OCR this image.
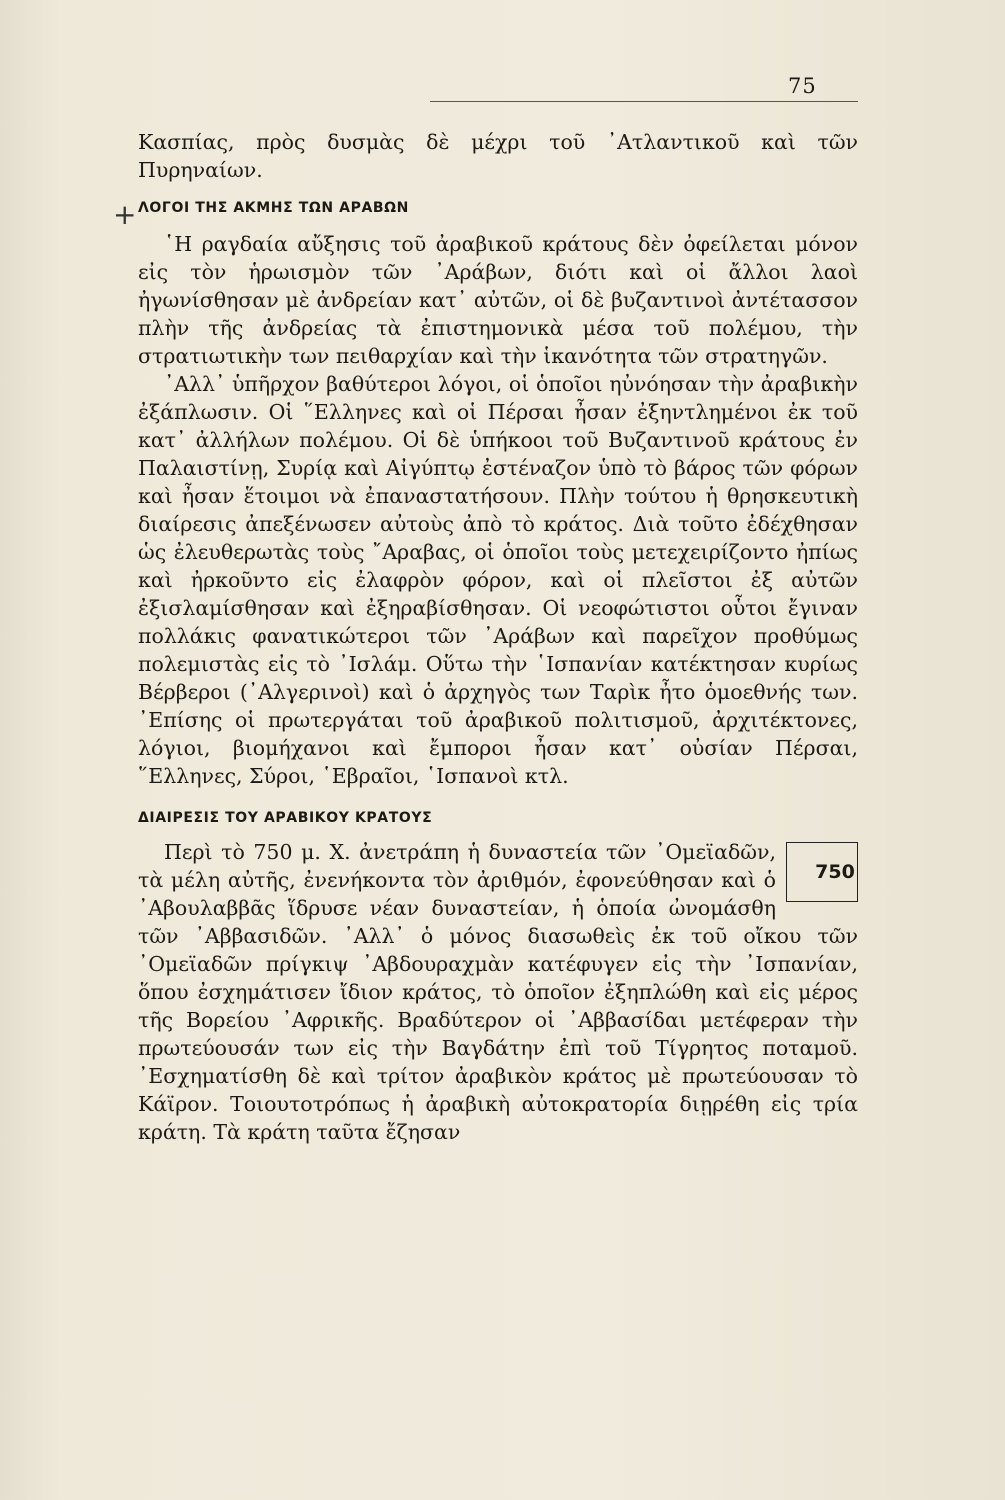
75
+

Κασπίας, πρὸς δυσμὰς δὲ μέχρι τοῦ ᾿Ατλαντικοῦ καὶ τῶν Πυρηναίων.

ΛΟΓΟΙ ΤΗΣ ΑΚΜΗΣ ΤΩΝ ΑΡΑΒΩΝ

῾Η ραγδαία αὔξησις τοῦ ἀραβικοῦ κράτους δὲν ὀφείλεται μόνον εἰς τὸν ἡρωισμὸν τῶν ᾿Αράβων, διότι καὶ οἱ ἄλλοι λαοὶ ἠγωνίσθησαν μὲ ἀνδρείαν κατ᾿ αὐτῶν, οἱ δὲ βυζαντινοὶ ἀντέτασσον πλὴν τῆς ἀνδρείας τὰ ἐπιστημονικὰ μέσα τοῦ πολέμου, τὴν στρατιωτικὴν των πειθαρχίαν καὶ τὴν ἱκανότητα τῶν στρατηγῶν.

᾿Αλλ᾿ ὑπῆρχον βαθύτεροι λόγοι, οἱ ὁποῖοι ηὐνόησαν τὴν ἀραβικὴν ἐξάπλωσιν. Οἱ ῞Ελληνες καὶ οἱ Πέρσαι ἦσαν ἐξηντλημένοι ἐκ τοῦ κατ᾿ ἀλλήλων πολέμου. Οἱ δὲ ὑπήκοοι τοῦ Βυζαντινοῦ κράτους ἐν Παλαιστίνῃ, Συρίᾳ καὶ Αἰγύπτῳ ἐστέναζον ὑπὸ τὸ βάρος τῶν φόρων καὶ ἦσαν ἕτοιμοι νὰ ἐπαναστατήσουν. Πλὴν τούτου ἡ θρησκευτικὴ διαίρεσις ἀπεξένωσεν αὐτοὺς ἀπὸ τὸ κράτος. Διὰ τοῦτο ἐδέχθησαν ὡς ἐλευθερωτὰς τοὺς ῎Αραβας, οἱ ὁποῖοι τοὺς μετεχειρίζοντο ἠπίως καὶ ἠρκοῦντο εἰς ἐλαφρὸν φόρον, καὶ οἱ πλεῖστοι ἐξ αὐτῶν ἐξισλαμίσθησαν καὶ ἐξηραβίσθησαν. Οἱ νεοφώτιστοι οὗτοι ἔγιναν πολλάκις φανατικώτεροι τῶν ᾿Αράβων καὶ παρεῖχον προθύμως πολεμιστὰς εἰς τὸ ᾿Ισλάμ. Οὕτω τὴν ῾Ισπανίαν κατέκτησαν κυρίως Βέρβεροι (᾿Αλγερινοὶ) καὶ ὁ ἀρχηγὸς των Ταρὶκ ἦτο ὁμοεθνής των. ᾿Επίσης οἱ πρωτεργάται τοῦ ἀραβικοῦ πολιτισμοῦ, ἀρχιτέκτονες, λόγιοι, βιομήχανοι καὶ ἔμποροι ἦσαν κατ᾿ οὐσίαν Πέρσαι, ῞Ελληνες, Σύροι, ῾Εβραῖοι, ῾Ισπανοὶ κτλ.

ΔΙΑΙΡΕΣΙΣ ΤΟΥ ΑΡΑΒΙΚΟΥ ΚΡΑΤΟΥΣ

750
Περὶ τὸ 750 μ. Χ. ἀνετράπη ἡ δυναστεία τῶν ᾿Ομεϊαδῶν, τὰ μέλη αὐτῆς, ἐνενήκοντα τὸν ἀριθμόν, ἐφονεύθησαν καὶ ὁ ᾿Αβουλαββᾶς ἵδρυσε νέαν δυναστείαν, ἡ ὁποία ὠνομάσθη τῶν ᾿Αββασιδῶν. ᾿Αλλ᾿ ὁ μόνος διασωθεὶς ἐκ τοῦ οἴκου τῶν ᾿Ομεϊαδῶν πρίγκιψ ᾿Αβδουραχμὰν κατέφυγεν εἰς τὴν ᾿Ισπανίαν, ὅπου ἐσχημάτισεν ἴδιον κράτος, τὸ ὁποῖον ἐξηπλώθη καὶ εἰς μέρος τῆς Βορείου ᾿Αφρικῆς. Βραδύτερον οἱ ᾿Αββασίδαι μετέφεραν τὴν πρωτεύουσάν των εἰς τὴν Βαγδάτην ἐπὶ τοῦ Τίγρητος ποταμοῦ. ᾿Εσχηματίσθη δὲ καὶ τρίτον ἀραβικὸν κράτος μὲ πρωτεύουσαν τὸ Κάϊρον. Τοιουτοτρόπως ἡ ἀραβικὴ αὐτοκρατορία διῃρέθη εἰς τρία κράτη. Τὰ κράτη ταῦτα ἔζησαν
